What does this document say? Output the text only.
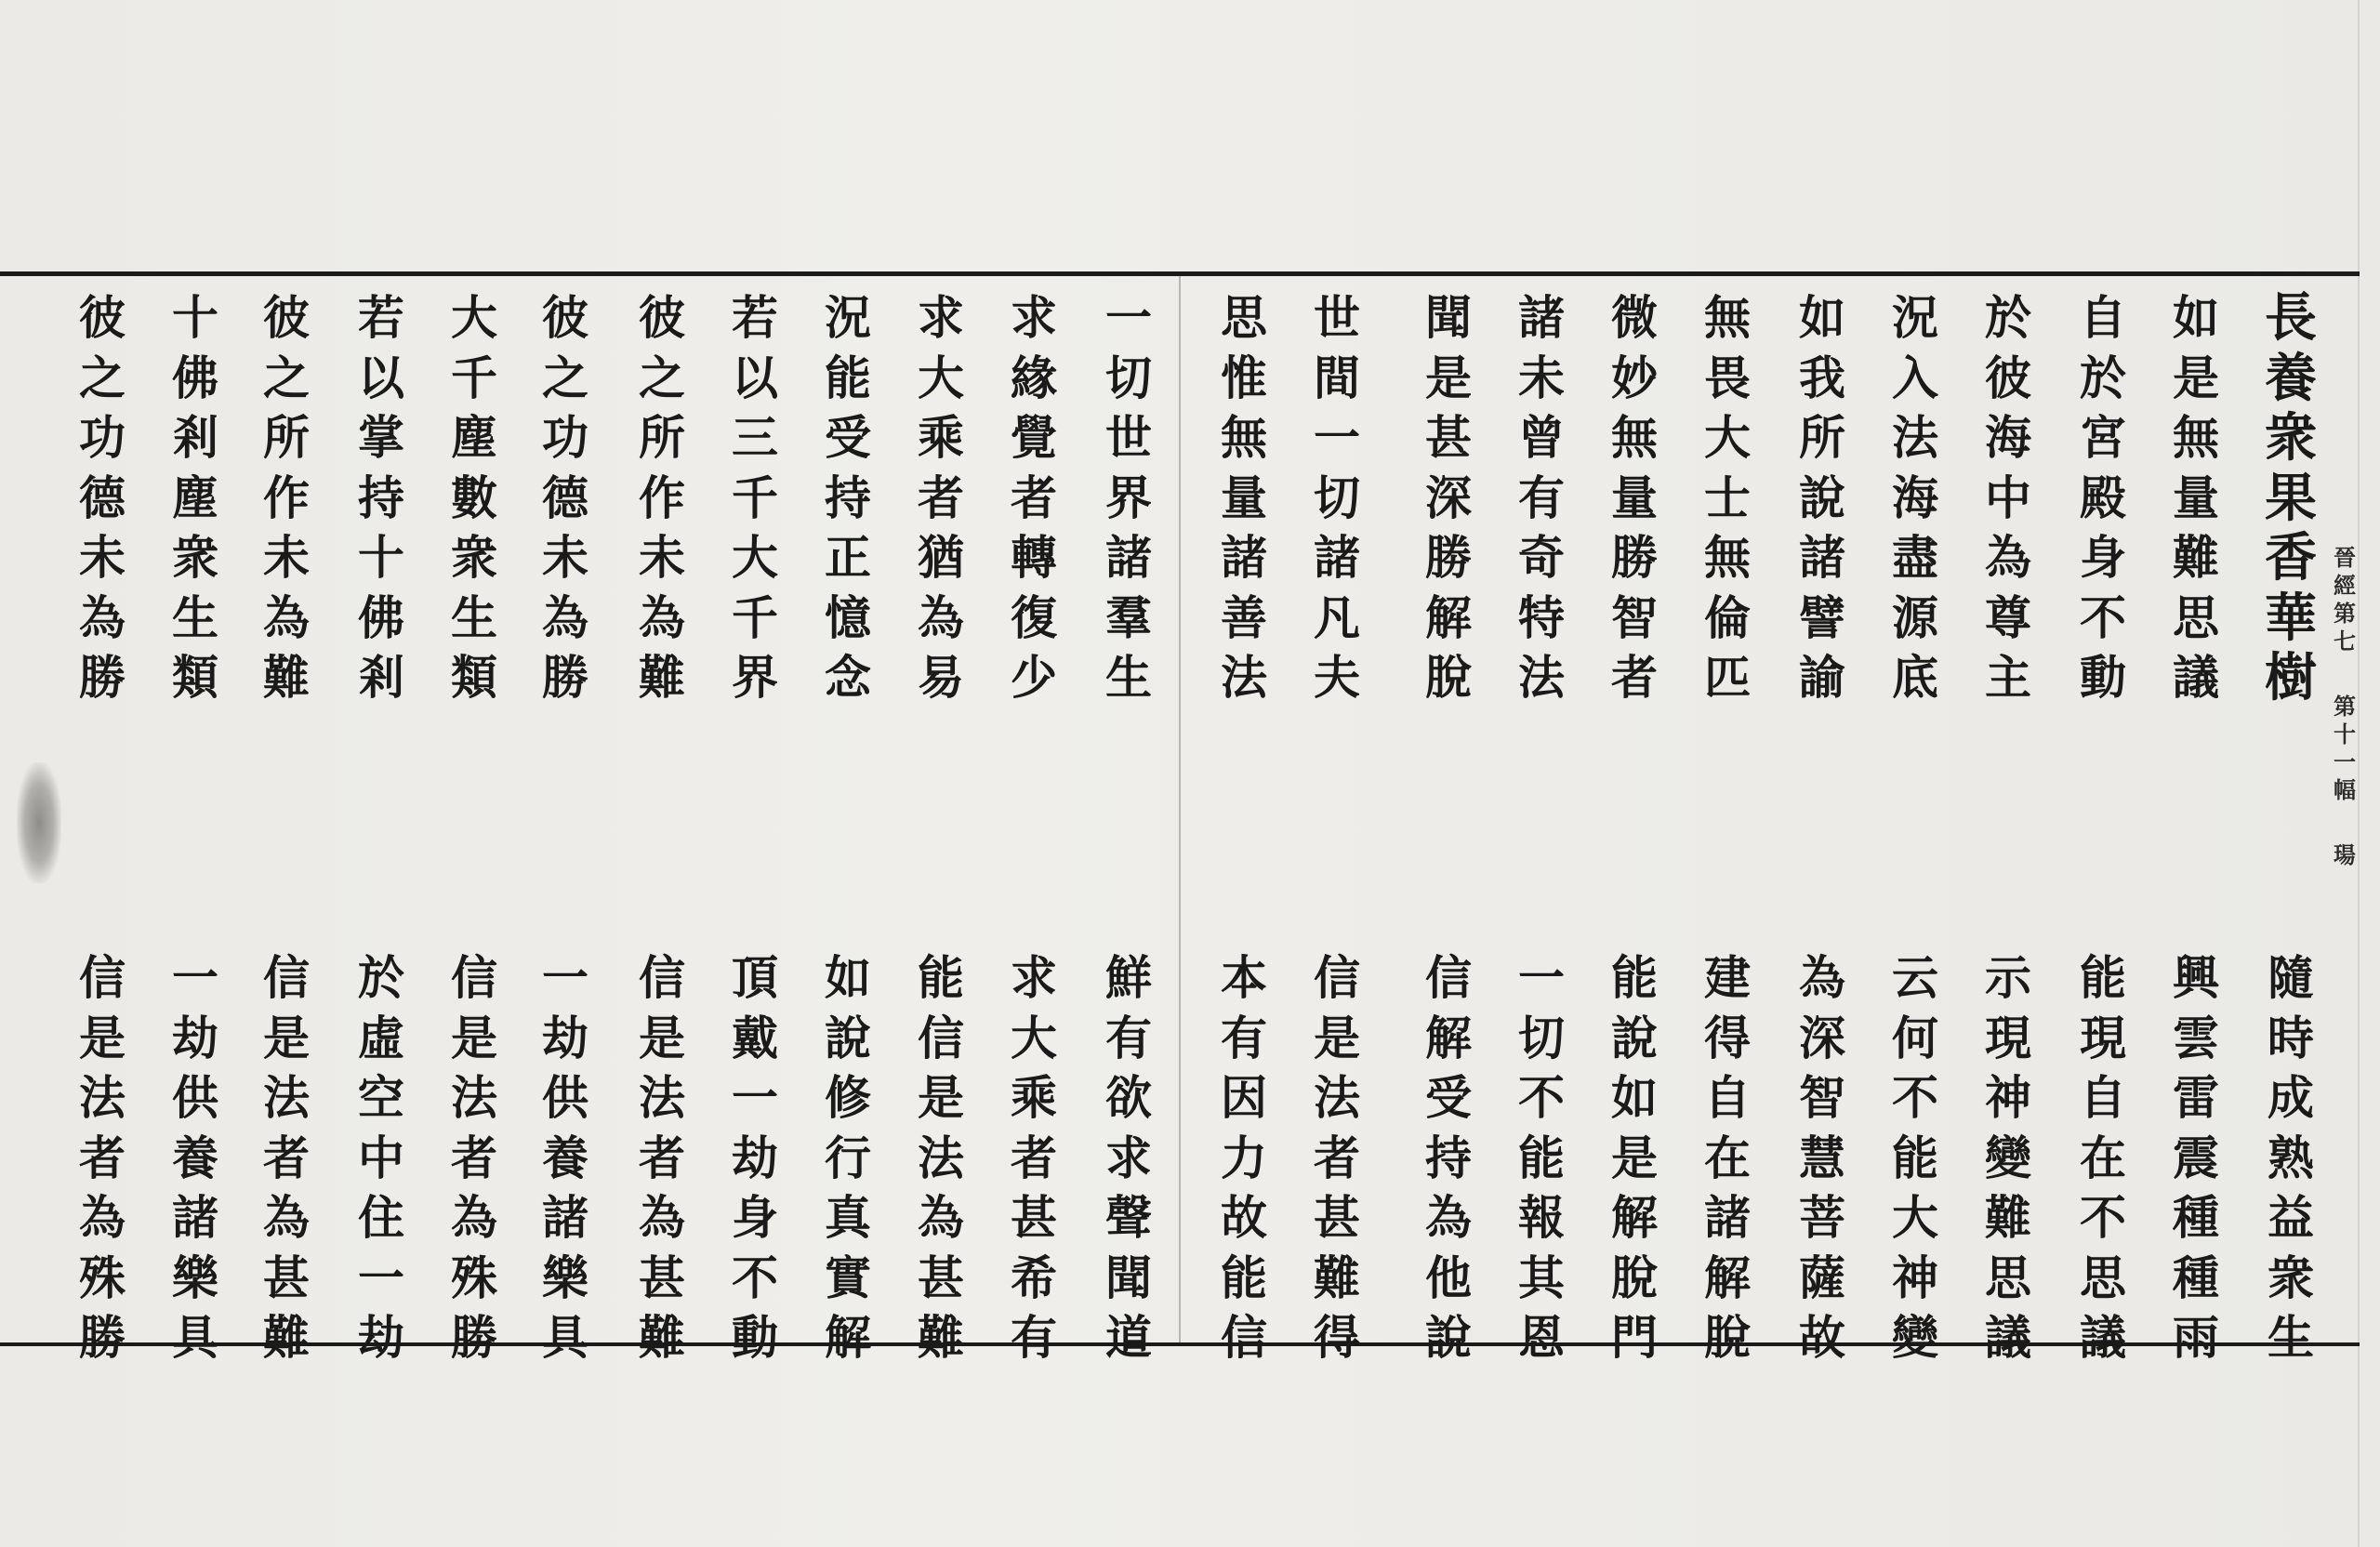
晉
經
第
七
第
十
一
幅
瑒
長
養
衆
果
香
華
樹
如
是
無
量
難
思
議
自
於
宮
殿
身
不
動
於
彼
海
中
為
尊
主
況
入
法
海
盡
源
底
如
我
所
說
諸
譬
諭
無
畏
大
士
無
倫
匹
微
妙
無
量
勝
智
者
諸
未
曾
有
奇
特
法
聞
是
甚
深
勝
解
脫
世
間
一
切
諸
凡
夫
思
惟
無
量
諸
善
法
一
切
世
界
諸
羣
生
求
緣
覺
者
轉
復
少
求
大
乘
者
猶
為
易
況
能
受
持
正
憶
念
若
以
三
千
大
千
界
彼
之
所
作
未
為
難
彼
之
功
德
未
為
勝
大
千
塵
數
衆
生
類
若
以
掌
持
十
佛
剎
彼
之
所
作
未
為
難
十
佛
剎
塵
衆
生
類
彼
之
功
德
未
為
勝
隨
時
成
熟
益
衆
生
興
雲
雷
震
種
種
雨
能
現
自
在
不
思
議
示
現
神
變
難
思
議
云
何
不
能
大
神
變
為
深
智
慧
菩
薩
故
建
得
自
在
諸
解
脫
能
說
如
是
解
脫
門
一
切
不
能
報
其
恩
信
解
受
持
為
他
說
信
是
法
者
甚
難
得
本
有
因
力
故
能
信
鮮
有
欲
求
聲
聞
道
求
大
乘
者
甚
希
有
能
信
是
法
為
甚
難
如
說
修
行
真
實
解
頂
戴
一
劫
身
不
動
信
是
法
者
為
甚
難
一
劫
供
養
諸
樂
具
信
是
法
者
為
殊
勝
於
虛
空
中
住
一
劫
信
是
法
者
為
甚
難
一
劫
供
養
諸
樂
具
信
是
法
者
為
殊
勝
